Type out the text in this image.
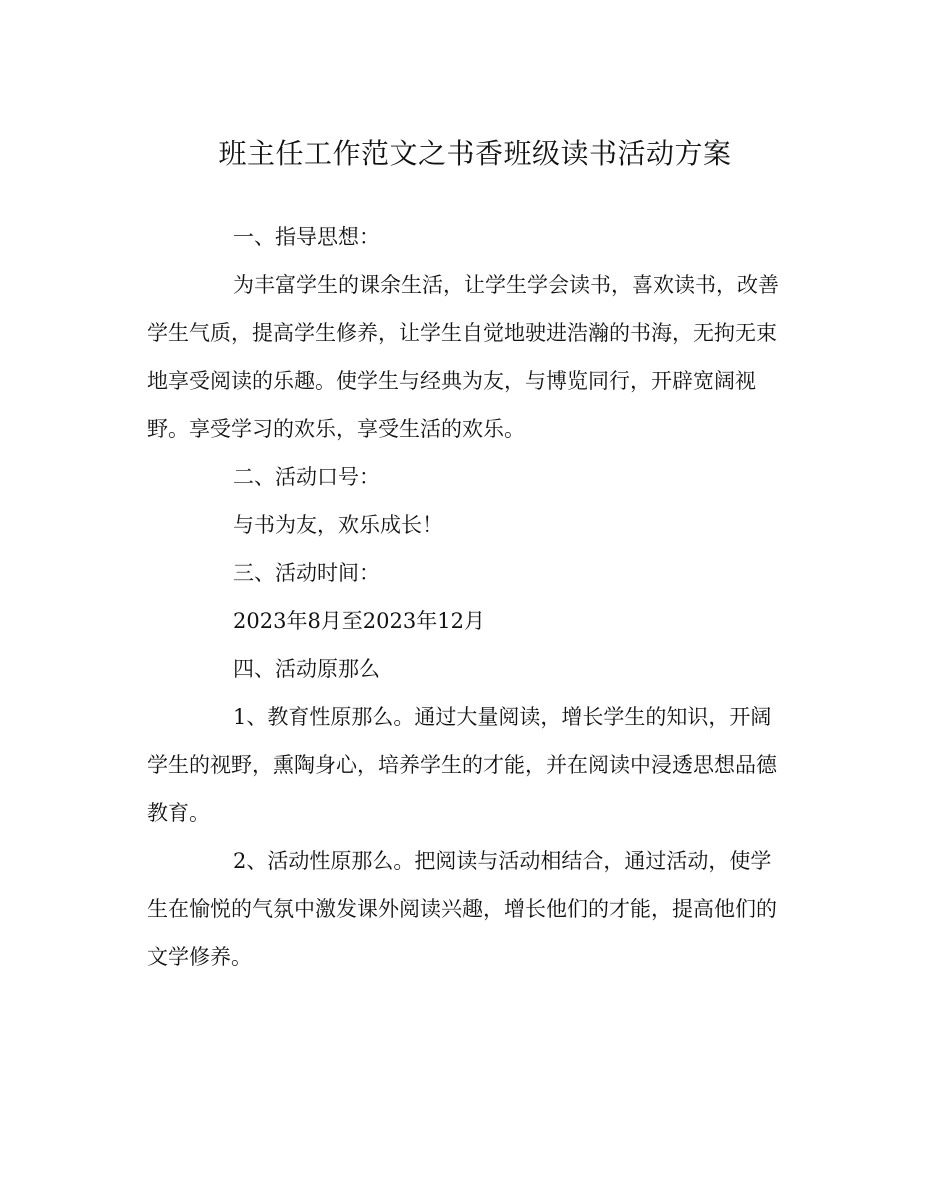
班主任工作范文之书香班级读书活动方案

一、指导思想：

为丰富学生的课余生活，让学生学会读书，喜欢读书，改善

学生气质，提高学生修养，让学生自觉地驶进浩瀚的书海，无拘无束

地享受阅读的乐趣。使学生与经典为友，与博览同行，开辟宽阔视

野。享受学习的欢乐，享受生活的欢乐。

二、活动口号：

与书为友，欢乐成长！

三、活动时间：

2023年8月至2023年12月

四、活动原那么

1、教育性原那么。通过大量阅读，增长学生的知识，开阔

学生的视野，熏陶身心，培养学生的才能，并在阅读中浸透思想品德

教育。

2、活动性原那么。把阅读与活动相结合，通过活动，使学

生在愉悦的气氛中激发课外阅读兴趣，增长他们的才能，提高他们的

文学修养。
